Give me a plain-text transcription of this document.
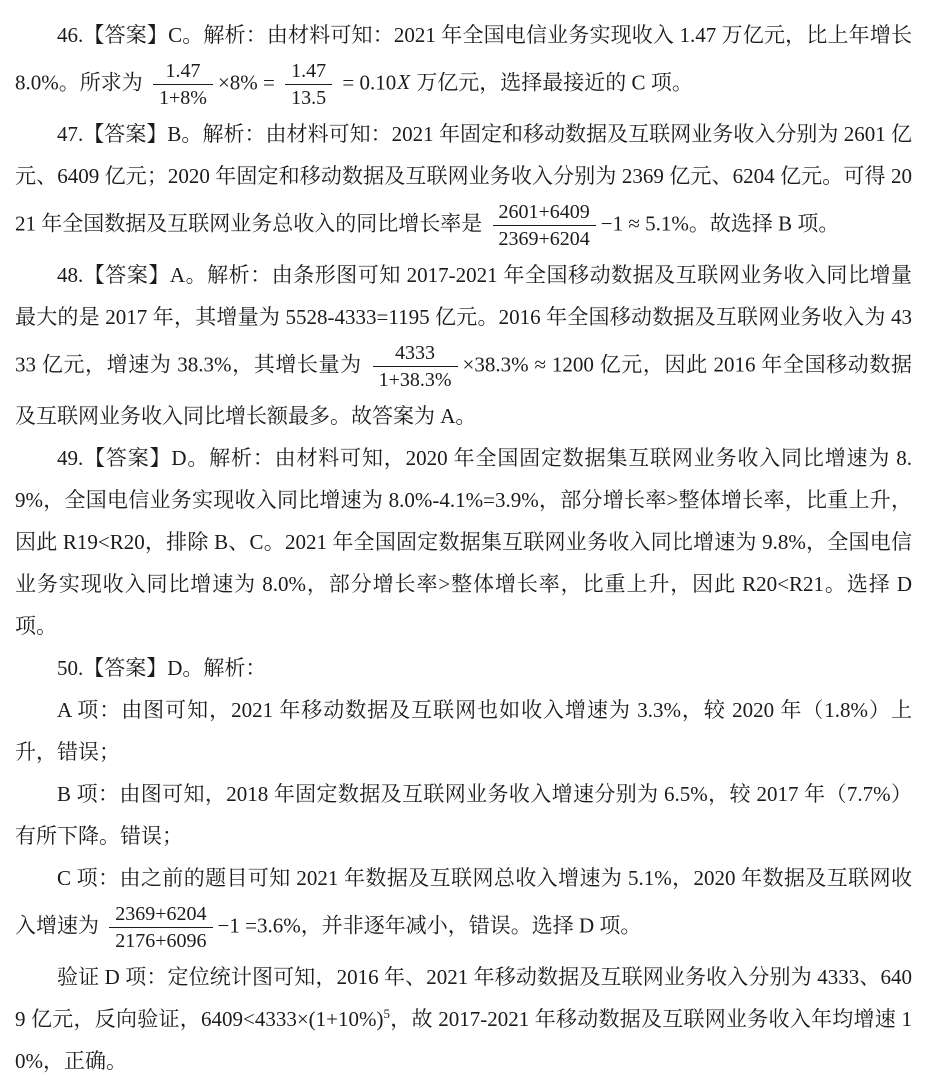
46.【答案】C。解析：由材料可知：2021 年全国电信业务实现收入 1.47 万亿元，比上年增长 8.0%。所求为 $\frac{1.47}{1+8\%} \times 8\% = \frac{1.47}{13.5} = 0.10X$ 万亿元，选择最接近的 C 项。

47.【答案】B。解析：由材料可知：2021 年固定和移动数据及互联网业务收入分别为 2601 亿元、6409 亿元；2020 年固定和移动数据及互联网业务收入分别为 2369 亿元、6204 亿元。可得 2021 年全国数据及互联网业务总收入的同比增长率是 $\frac{2601+6409}{2369+6204} -1 \approx 5.1\%$。故选择 B 项。

48.【答案】A。解析：由条形图可知 2017-2021 年全国移动数据及互联网业务收入同比增量最大的是 2017 年，其增量为 5528-4333=1195 亿元。2016 年全国移动数据及互联网业务收入为 4333 亿元，增速为 38.3%，其增长量为 $\frac{4333}{1+38.3\%} \times 38.3\% \approx 1200$ 亿元，因此 2016 年全国移动数据及互联网业务收入同比增长额最多。故答案为 A。

49.【答案】D。解析：由材料可知，2020 年全国固定数据集互联网业务收入同比增速为 8.9%，全国电信业务实现收入同比增速为 8.0%-4.1%=3.9%，部分增长率>整体增长率，比重上升，因此 R19<R20，排除 B、C。2021 年全国固定数据集互联网业务收入同比增速为 9.8%，全国电信业务实现收入同比增速为 8.0%，部分增长率>整体增长率，比重上升，因此 R20<R21。选择 D 项。

50.【答案】D。解析：

A 项：由图可知，2021 年移动数据及互联网也如收入增速为 3.3%，较 2020 年（1.8%）上升，错误；

B 项：由图可知，2018 年固定数据及互联网业务收入增速分别为 6.5%，较 2017 年（7.7%）有所下降。错误；

C 项：由之前的题目可知 2021 年数据及互联网总收入增速为 5.1%，2020 年数据及互联网收入增速为 $\frac{2369+6204}{2176+6096} -1 =3.6\%$，并非逐年减小，错误。选择 D 项。

验证 D 项：定位统计图可知，2016 年、2021 年移动数据及互联网业务收入分别为 4333、6409 亿元，反向验证，$6409<4333\times(1+10\%)^5$，故 2017-2021 年移动数据及互联网业务收入年均增速 10%，正确。
